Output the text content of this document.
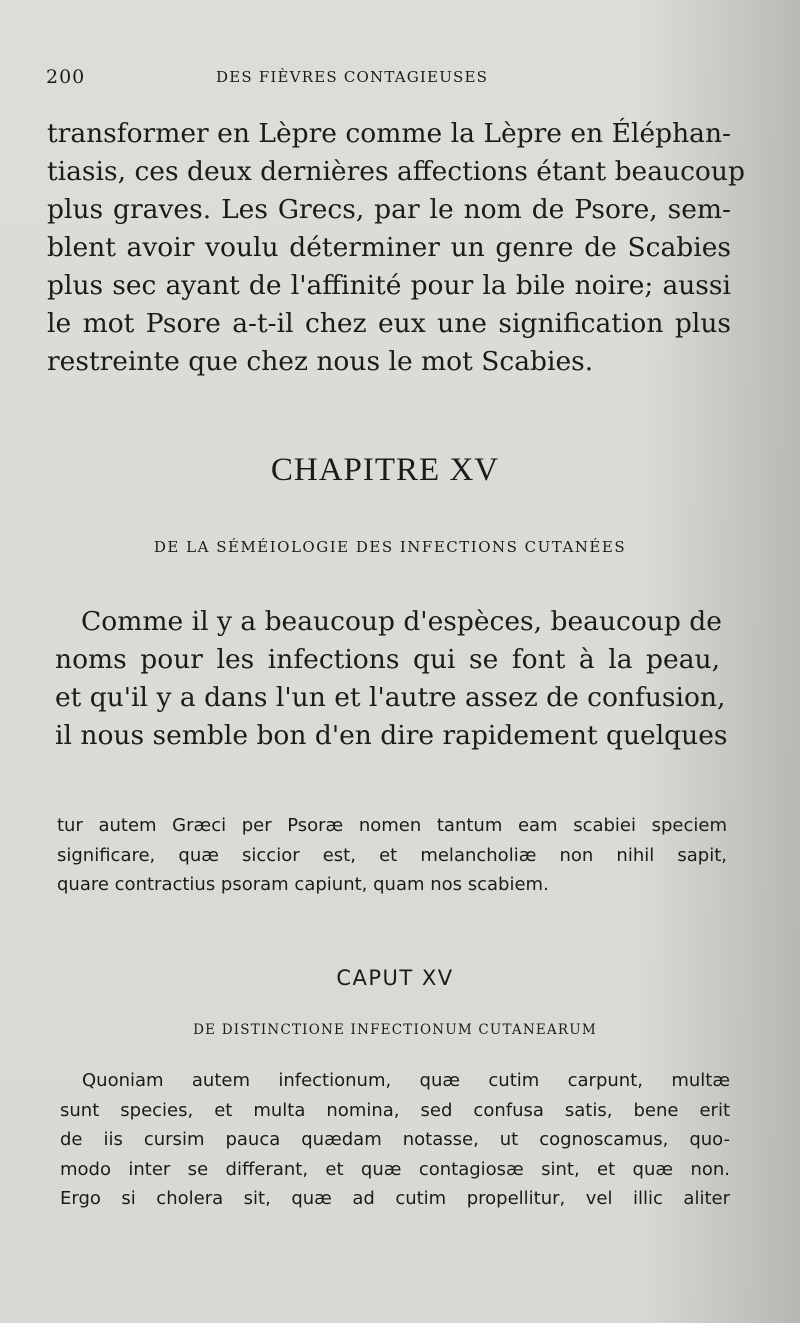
200	DES FIÈVRES CONTAGIEUSES
transformer en Lèpre comme la Lèpre en Éléphan-
tiasis, ces deux dernières affections étant beaucoup
plus graves. Les Grecs, par le nom de Psore, sem-
blent avoir voulu déterminer un genre de Scabies
plus sec ayant de l'affinité pour la bile noire; aussi
le mot Psore a-t-il chez eux une signification plus
restreinte que chez nous le mot Scabies.
CHAPITRE XV
DE LA SÉMÉIOLOGIE DES INFECTIONS CUTANÉES
Comme il y a beaucoup d'espèces, beaucoup de
noms pour les infections qui se font à la peau,
et qu'il y a dans l'un et l'autre assez de confusion,
il nous semble bon d'en dire rapidement quelques
tur autem Græci per Psoræ nomen tantum eam scabiei speciem
significare, quæ siccior est, et melancholiæ non nihil sapit,
quare contractius psoram capiunt, quam nos scabiem.
CAPUT XV
DE DISTINCTIONE INFECTIONUM CUTANEARUM
Quoniam autem infectionum, quæ cutim carpunt, multæ
sunt species, et multa nomina, sed confusa satis, bene erit
de iis cursim pauca quædam notasse, ut cognoscamus, quo-
modo inter se differant, et quæ contagiosæ sint, et quæ non.
Ergo si cholera sit, quæ ad cutim propellitur, vel illic aliter
